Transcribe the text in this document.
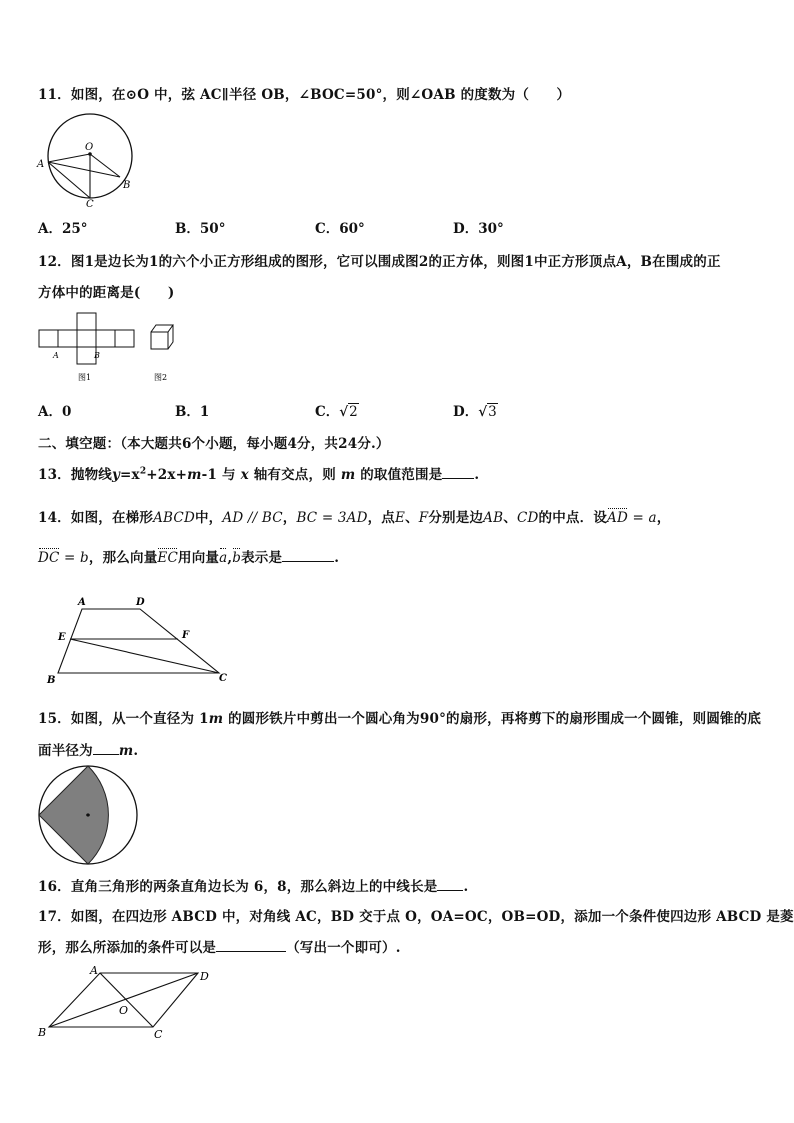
11．如图，在⊙O 中，弦 AC∥半径 OB，∠BOC=50°，则∠OAB 的度数为（　　）
O
A
B
C
A．25°	B．50°	C．60°	D．30°
12．图1是边长为1的六个小正方形组成的图形，它可以围成图2的正方体，则图1中正方形顶点A，B在围成的正
方体中的距离是(　　)
A	B
图1	图2
A．0	B．1	C．√2	D．√3
二、填空题：（本大题共6个小题，每小题4分，共24分.）
13．抛物线$y=x^2+2x+m-1$ 与 x 轴有交点，则 m 的取值范围是 .
14．如图，在梯形ABCD中，AD // BC，BC = 3AD，点E、F分别是边AB、CD的中点．设AD = a，
DC = b，那么向量EC用向量a,b表示是	.
A	D
E	F
B	C
15．如图，从一个直径为 1m 的圆形铁片中剪出一个圆心角为90°的扇形，再将剪下的扇形围成一个圆锥，则圆锥的底
面半径为 m.
16．直角三角形的两条直角边长为 6，8，那么斜边上的中线长是 .
17．如图，在四边形 ABCD 中，对角线 AC，BD 交于点 O，OA=OC，OB=OD，添加一个条件使四边形 ABCD 是菱
形，那么所添加的条件可以是	（写出一个即可）.
A	D
O
B	C
